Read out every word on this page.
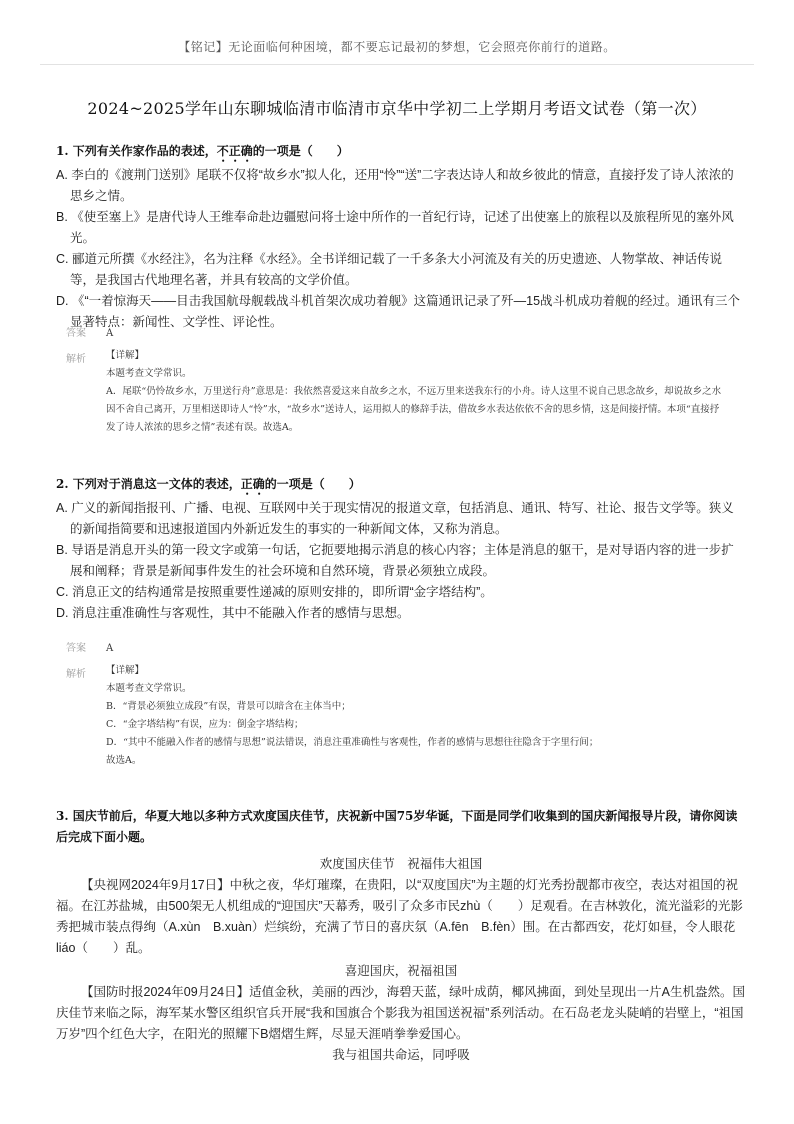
【铭记】无论面临何种困境，都不要忘记最初的梦想，它会照亮你前行的道路。
2024~2025学年山东聊城临清市临清市京华中学初二上学期月考语文试卷（第一次）
1. 下列有关作家作品的表述，不正确的一项是（　　）
A. 李白的《渡荆门送别》尾联不仅将“故乡水”拟人化，还用“怜”“送”二字表达诗人和故乡彼此的情意，直接抒发了诗人浓浓的思乡之情。
B. 《使至塞上》是唐代诗人王维奉命赴边疆慰问将士途中所作的一首纪行诗，记述了出使塞上的旅程以及旅程所见的塞外风光。
C. 郦道元所撰《水经注》，名为注释《水经》。全书详细记载了一千多条大小河流及有关的历史遗迹、人物掌故、神话传说等，是我国古代地理名著，并具有较高的文学价值。
D. 《“一着惊海天——目击我国航母舰载战斗机首架次成功着舰》这篇通讯记录了歼—15战斗机成功着舰的经过。通讯有三个显著特点：新闻性、文学性、评论性。
答案 A
解析	【详解】
本题考查文学常识。
A．尾联“仍怜故乡水，万里送行舟”意思是：我依然喜爱这来自故乡之水，不远万里来送我东行的小舟。诗人这里不说自己思念故乡，却说故乡之水因不舍自己离开，万里相送即诗人“怜”水，“故乡水”送诗人，运用拟人的修辞手法，借故乡水表达依依不舍的思乡情，这是间接抒情。本项“直接抒发了诗人浓浓的思乡之情”表述有误。故选A。
2. 下列对于消息这一文体的表述，正确的一项是（　　）
A. 广义的新闻指报刊、广播、电视、互联网中关于现实情况的报道文章，包括消息、通讯、特写、社论、报告文学等。狭义的新闻指简要和迅速报道国内外新近发生的事实的一种新闻文体，又称为消息。
B. 导语是消息开头的第一段文字或第一句话，它扼要地揭示消息的核心内容；主体是消息的躯干，是对导语内容的进一步扩展和阐释；背景是新闻事件发生的社会环境和自然环境，背景必须独立成段。
C. 消息正文的结构通常是按照重要性递减的原则安排的，即所谓“金字塔结构”。
D. 消息注重准确性与客观性，其中不能融入作者的感情与思想。
答案 A
解析	【详解】
本题考查文学常识。
B．“背景必须独立成段”有误，背景可以暗含在主体当中；
C．“金字塔结构”有误，应为：倒金字塔结构；
D．“其中不能融入作者的感情与思想”说法错误，消息注重准确性与客观性，作者的感情与思想往往隐含于字里行间；
故选A。
3. 国庆节前后，华夏大地以多种方式欢度国庆佳节，庆祝新中国75岁华诞，下面是同学们收集到的国庆新闻报导片段，请你阅读后完成下面小题。
欢度国庆佳节　祝福伟大祖国
【央视网2024年9月17日】中秋之夜，华灯璀璨，在贵阳，以“双度国庆”为主题的灯光秀扮靓都市夜空，表达对祖国的祝福。在江苏盐城，由500架无人机组成的“迎国庆”天幕秀，吸引了众多市民zhù（　　）足观看。在吉林敦化，流光溢彩的光影秀把城市装点得绚（A.xùn　B.xuàn）烂缤纷，充满了节日的喜庆氛（A.fēn　B.fèn）围。在古都西安，花灯如昼，令人眼花liáo（　　）乱。
喜迎国庆，祝福祖国
【国防时报2024年09月24日】适值金秋，美丽的西沙，海碧天蓝，绿叶成荫，椰风拂面，到处呈现出一片A生机盎然。国庆佳节来临之际，海军某水警区组织官兵开展“我和国旗合个影我为祖国送祝福”系列活动。在石岛老龙头陡峭的岩壁上，“祖国万岁”四个红色大字，在阳光的照耀下B熠熠生辉，尽显天涯哨拳拳爱国心。
我与祖国共命运，同呼吸
